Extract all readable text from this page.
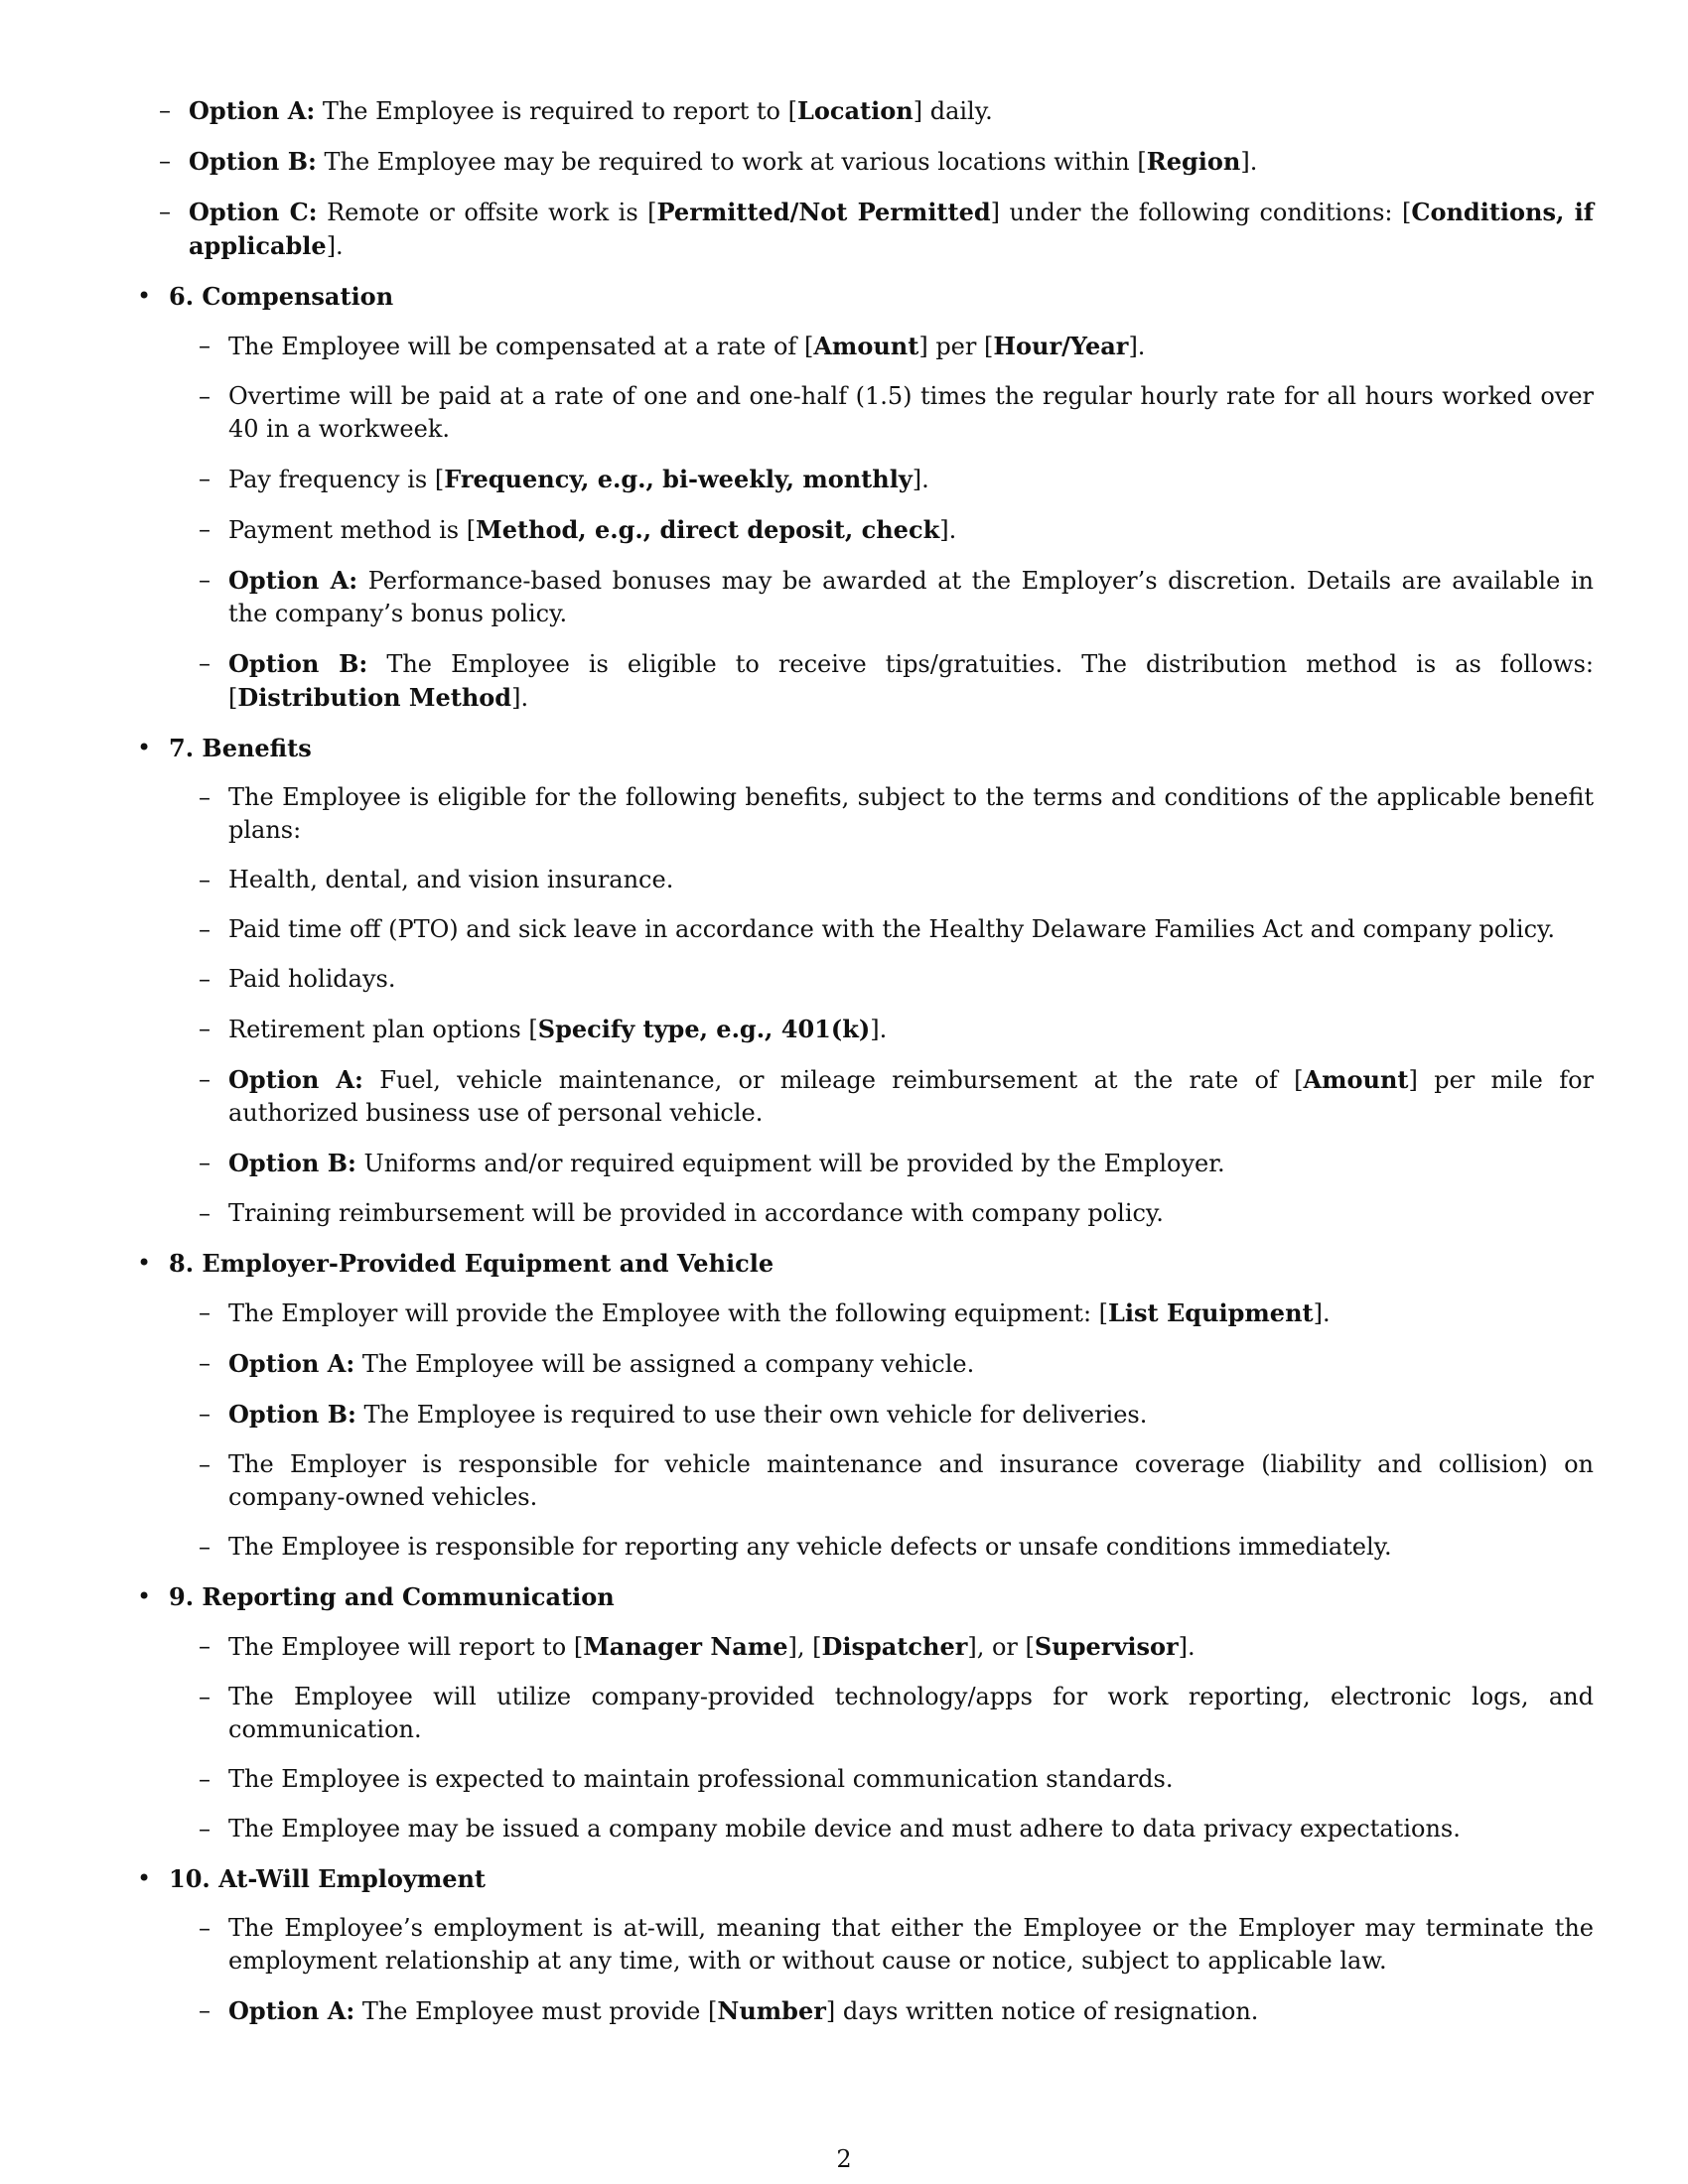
– Option A: The Employee is required to report to [Location] daily.
– Option B: The Employee may be required to work at various locations within [Region].
– Option C: Remote or offsite work is [Permitted/Not Permitted] under the following conditions: [Conditions, if applicable].
• 6. Compensation
– The Employee will be compensated at a rate of [Amount] per [Hour/Year].
– Overtime will be paid at a rate of one and one-half (1.5) times the regular hourly rate for all hours worked over 40 in a workweek.
– Pay frequency is [Frequency, e.g., bi-weekly, monthly].
– Payment method is [Method, e.g., direct deposit, check].
– Option A: Performance-based bonuses may be awarded at the Employer’s discretion. Details are available in the company’s bonus policy.
– Option B: The Employee is eligible to receive tips/gratuities. The distribution method is as follows: [Distribution Method].
• 7. Benefits
– The Employee is eligible for the following benefits, subject to the terms and conditions of the applicable benefit plans:
– Health, dental, and vision insurance.
– Paid time off (PTO) and sick leave in accordance with the Healthy Delaware Families Act and company policy.
– Paid holidays.
– Retirement plan options [Specify type, e.g., 401(k)].
– Option A: Fuel, vehicle maintenance, or mileage reimbursement at the rate of [Amount] per mile for authorized business use of personal vehicle.
– Option B: Uniforms and/or required equipment will be provided by the Employer.
– Training reimbursement will be provided in accordance with company policy.
• 8. Employer-Provided Equipment and Vehicle
– The Employer will provide the Employee with the following equipment: [List Equipment].
– Option A: The Employee will be assigned a company vehicle.
– Option B: The Employee is required to use their own vehicle for deliveries.
– The Employer is responsible for vehicle maintenance and insurance coverage (liability and collision) on company-owned vehicles.
– The Employee is responsible for reporting any vehicle defects or unsafe conditions immediately.
• 9. Reporting and Communication
– The Employee will report to [Manager Name], [Dispatcher], or [Supervisor].
– The Employee will utilize company-provided technology/apps for work reporting, electronic logs, and communication.
– The Employee is expected to maintain professional communication standards.
– The Employee may be issued a company mobile device and must adhere to data privacy expectations.
• 10. At-Will Employment
– The Employee’s employment is at-will, meaning that either the Employee or the Employer may terminate the employment relationship at any time, with or without cause or notice, subject to applicable law.
– Option A: The Employee must provide [Number] days written notice of resignation.
2
